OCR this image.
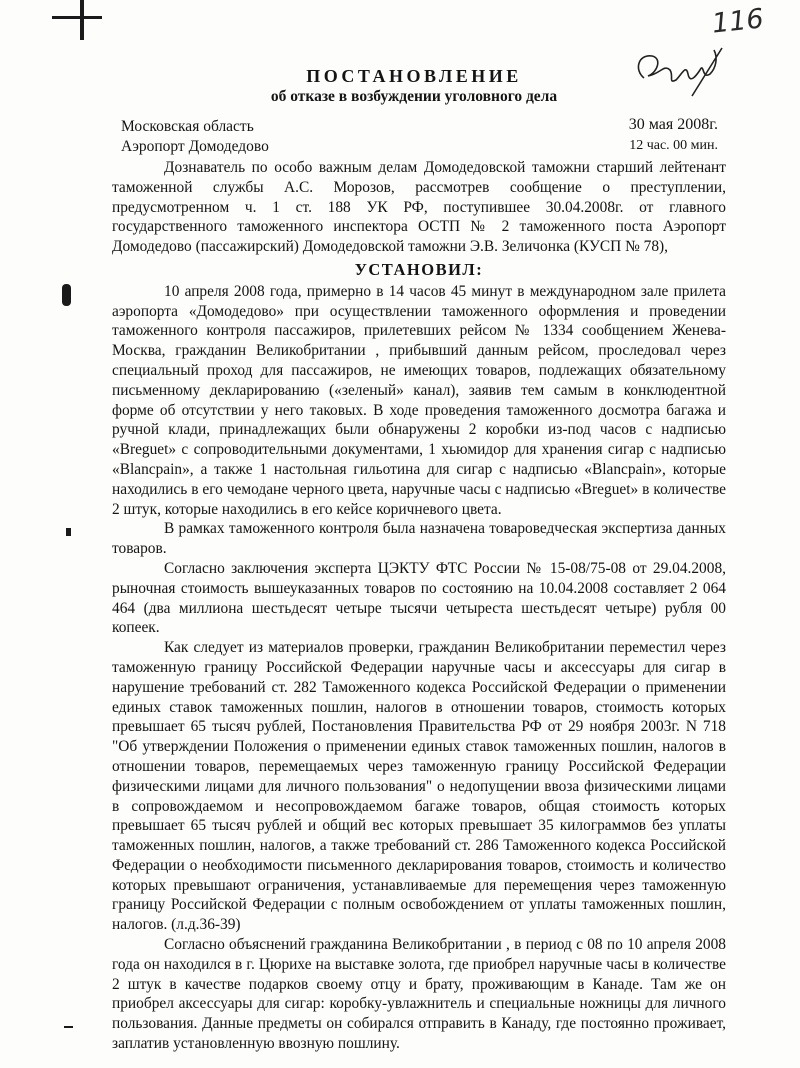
116
ПОСТАНОВЛЕНИЕ
об отказе в возбуждении уголовного дела
Московская область
Аэропорт Домодедово
30 мая 2008г.
12 час. 00 мин.

Дознаватель по особо важным делам Домодедовской таможни старший лейтенант таможенной службы А.С. Морозов, рассмотрев сообщение о преступлении, предусмотренном ч. 1 ст. 188 УК РФ, поступившее 30.04.2008г. от главного государственного таможенного инспектора ОСТП № 2 таможенного поста Аэропорт Домодедово (пассажирский) Домодедовской таможни Э.В. Зеличонка (КУСП № 78),

УСТАНОВИЛ:

10 апреля 2008 года, примерно в 14 часов 45 минут в международном зале прилета аэропорта «Домодедово» при осуществлении таможенного оформления и проведении таможенного контроля пассажиров, прилетевших рейсом № 1334 сообщением Женева-Москва, гражданин Великобритании , прибывший данным рейсом, проследовал через специальный проход для пассажиров, не имеющих товаров, подлежащих обязательному письменному декларированию («зеленый» канал), заявив тем самым в конклюдентной форме об отсутствии у него таковых. В ходе проведения таможенного досмотра багажа и ручной клади, принадлежащих были обнаружены 2 коробки из-под часов с надписью «Breguet» с сопроводительными документами, 1 хьюмидор для хранения сигар с надписью «Blancpain», а также 1 настольная гильотина для сигар с надписью «Blancpain», которые находились в его чемодане черного цвета, наручные часы с надписью «Breguet» в количестве 2 штук, которые находились в его кейсе коричневого цвета.

В рамках таможенного контроля была назначена товароведческая экспертиза данных товаров.

Согласно заключения эксперта ЦЭКТУ ФТС России № 15-08/75-08 от 29.04.2008, рыночная стоимость вышеуказанных товаров по состоянию на 10.04.2008 составляет 2 064 464 (два миллиона шестьдесят четыре тысячи четыреста шестьдесят четыре) рубля 00 копеек.

Как следует из материалов проверки, гражданин Великобритании переместил через таможенную границу Российской Федерации наручные часы и аксессуары для сигар в нарушение требований ст. 282 Таможенного кодекса Российской Федерации о применении единых ставок таможенных пошлин, налогов в отношении товаров, стоимость которых превышает 65 тысяч рублей, Постановления Правительства РФ от 29 ноября 2003г. N 718 "Об утверждении Положения о применении единых ставок таможенных пошлин, налогов в отношении товаров, перемещаемых через таможенную границу Российской Федерации физическими лицами для личного пользования" о недопущении ввоза физическими лицами в сопровождаемом и несопровождаемом багаже товаров, общая стоимость которых превышает 65 тысяч рублей и общий вес которых превышает 35 килограммов без уплаты таможенных пошлин, налогов, а также требований ст. 286 Таможенного кодекса Российской Федерации о необходимости письменного декларирования товаров, стоимость и количество которых превышают ограничения, устанавливаемые для перемещения через таможенную границу Российской Федерации с полным освобождением от уплаты таможенных пошлин, налогов. (л.д.36-39)

Согласно объяснений гражданина Великобритании , в период с 08 по 10 апреля 2008 года он находился в г. Цюрихе на выставке золота, где приобрел наручные часы в количестве 2 штук в качестве подарков своему отцу и брату, проживающим в Канаде. Там же он приобрел аксессуары для сигар: коробку-увлажнитель и специальные ножницы для личного пользования. Данные предметы он собирался отправить в Канаду, где постоянно проживает, заплатив установленную ввозную пошлину.
